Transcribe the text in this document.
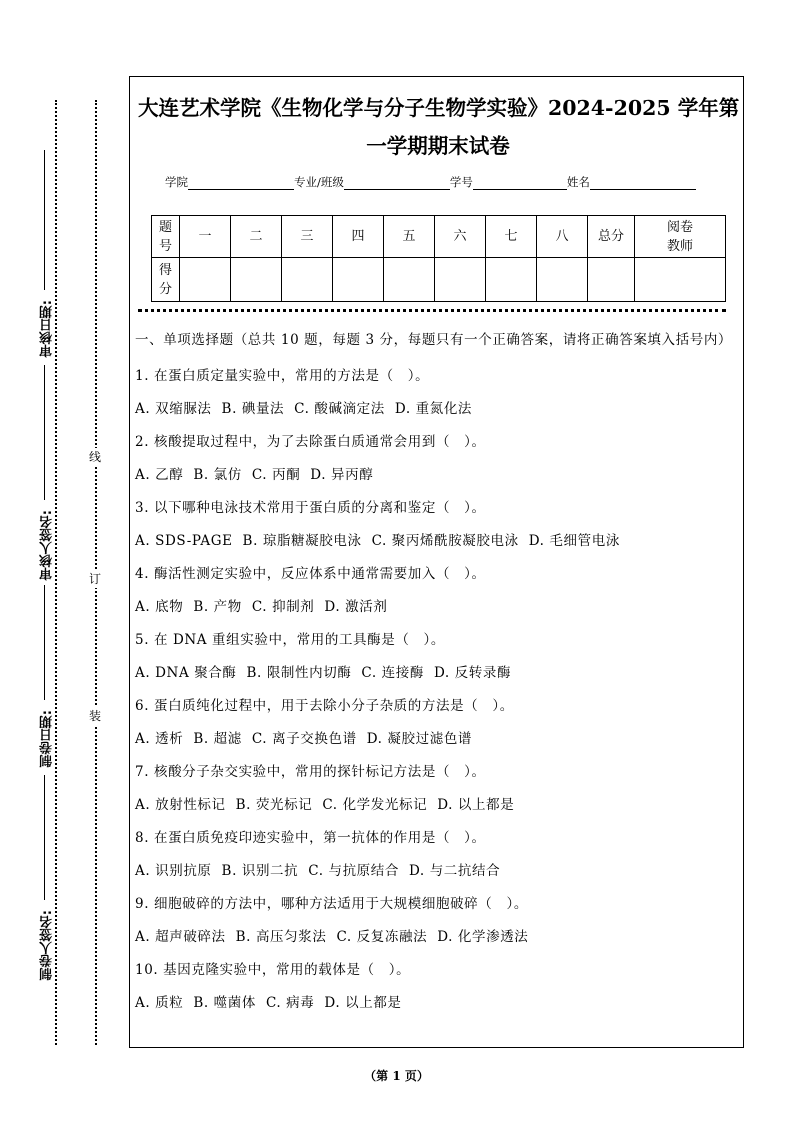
审核日期:
审核人签名:
制卷日期:
制卷人签名:
线
订
装
大连艺术学院《生物化学与分子生物学实验》2024-2025 学年第
一学期期末试卷
学院	专业/班级	学号	姓名
题号	一	二	三	四	五	六	七	八	总分	阅卷教师
得分										
一、单项选择题（总共 10 题，每题 3 分，每题只有一个正确答案，请将正确答案填入括号内）
1. 在蛋白质定量实验中，常用的方法是（　）。
A. 双缩脲法 B. 碘量法 C. 酸碱滴定法 D. 重氮化法
2. 核酸提取过程中，为了去除蛋白质通常会用到（　）。
A. 乙醇 B. 氯仿 C. 丙酮 D. 异丙醇
3. 以下哪种电泳技术常用于蛋白质的分离和鉴定（　）。
A. SDS-PAGE B. 琼脂糖凝胶电泳 C. 聚丙烯酰胺凝胶电泳 D. 毛细管电泳
4. 酶活性测定实验中，反应体系中通常需要加入（　）。
A. 底物 B. 产物 C. 抑制剂 D. 激活剂
5. 在 DNA 重组实验中，常用的工具酶是（　）。
A. DNA 聚合酶 B. 限制性内切酶 C. 连接酶 D. 反转录酶
6. 蛋白质纯化过程中，用于去除小分子杂质的方法是（　）。
A. 透析 B. 超滤 C. 离子交换色谱 D. 凝胶过滤色谱
7. 核酸分子杂交实验中，常用的探针标记方法是（　）。
A. 放射性标记 B. 荧光标记 C. 化学发光标记 D. 以上都是
8. 在蛋白质免疫印迹实验中，第一抗体的作用是（　）。
A. 识别抗原 B. 识别二抗 C. 与抗原结合 D. 与二抗结合
9. 细胞破碎的方法中，哪种方法适用于大规模细胞破碎（　）。
A. 超声破碎法 B. 高压匀浆法 C. 反复冻融法 D. 化学渗透法
10. 基因克隆实验中，常用的载体是（　）。
A. 质粒 B. 噬菌体 C. 病毒 D. 以上都是
（第 1 页）
